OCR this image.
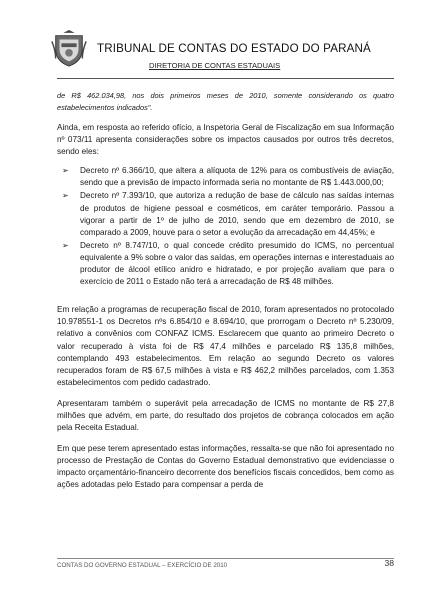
TRIBUNAL DE CONTAS DO ESTADO DO PARANÁ
DIRETORIA DE CONTAS ESTADUAIS

de R$ 462.034,98, nos dois primeiros meses de 2010, somente considerando os quatro estabelecimentos indicados".

Ainda, em resposta ao referido ofício, a Inspetoria Geral de Fiscalização em sua Informação nº 073/11 apresenta considerações sobre os impactos causados por outros três decretos, sendo eles:

➢ Decreto nº 6.366/10, que altera a alíquota de 12% para os combustíveis de aviação, sendo que a previsão de impacto informada seria no montante de R$ 1.443.000,00;
➢ Decreto nº 7.393/10, que autoriza a redução de base de cálculo nas saídas internas de produtos de higiene pessoal e cosméticos, em caráter temporário. Passou a vigorar a partir de 1º de julho de 2010, sendo que em dezembro de 2010, se comparado a 2009, houve para o setor a evolução da arrecadação em 44,45%; e
➢ Decreto nº 8.747/10, o qual concede crédito presumido do ICMS, no percentual equivalente a 9% sobre o valor das saídas, em operações internas e interestaduais ao produtor de álcool etílico anidro e hidratado, e por projeção avaliam que para o exercício de 2011 o Estado não terá a arrecadação de R$ 48 milhões.

Em relação a programas de recuperação fiscal de 2010, foram apresentados no protocolado 10.978551-1 os Decretos nºs 6.854/10 e 8.694/10, que prorrogam o Decreto nº 5.230/09, relativo a convênios com CONFAZ ICMS. Esclarecem que quanto ao primeiro Decreto o valor recuperado à vista foi de R$ 47,4 milhões e parcelado R$ 135,8 milhões, contemplando 493 estabelecimentos. Em relação ao segundo Decreto os valores recuperados foram de R$ 67,5 milhões à vista e R$ 462,2 milhões parcelados, com 1.353 estabelecimentos com pedido cadastrado.

Apresentaram também o superávit pela arrecadação de ICMS no montante de R$ 27,8 milhões que advém, em parte, do resultado dos projetos de cobrança colocados em ação pela Receita Estadual.

Em que pese terem apresentado estas informações, ressalta-se que não foi apresentado no processo de Prestação de Contas do Governo Estadual demonstrativo que evidenciasse o impacto orçamentário-financeiro decorrente dos benefícios fiscais concedidos, bem como as ações adotadas pelo Estado para compensar a perda de

CONTAS DO GOVERNO ESTADUAL – EXERCÍCIO DE 2010	38
